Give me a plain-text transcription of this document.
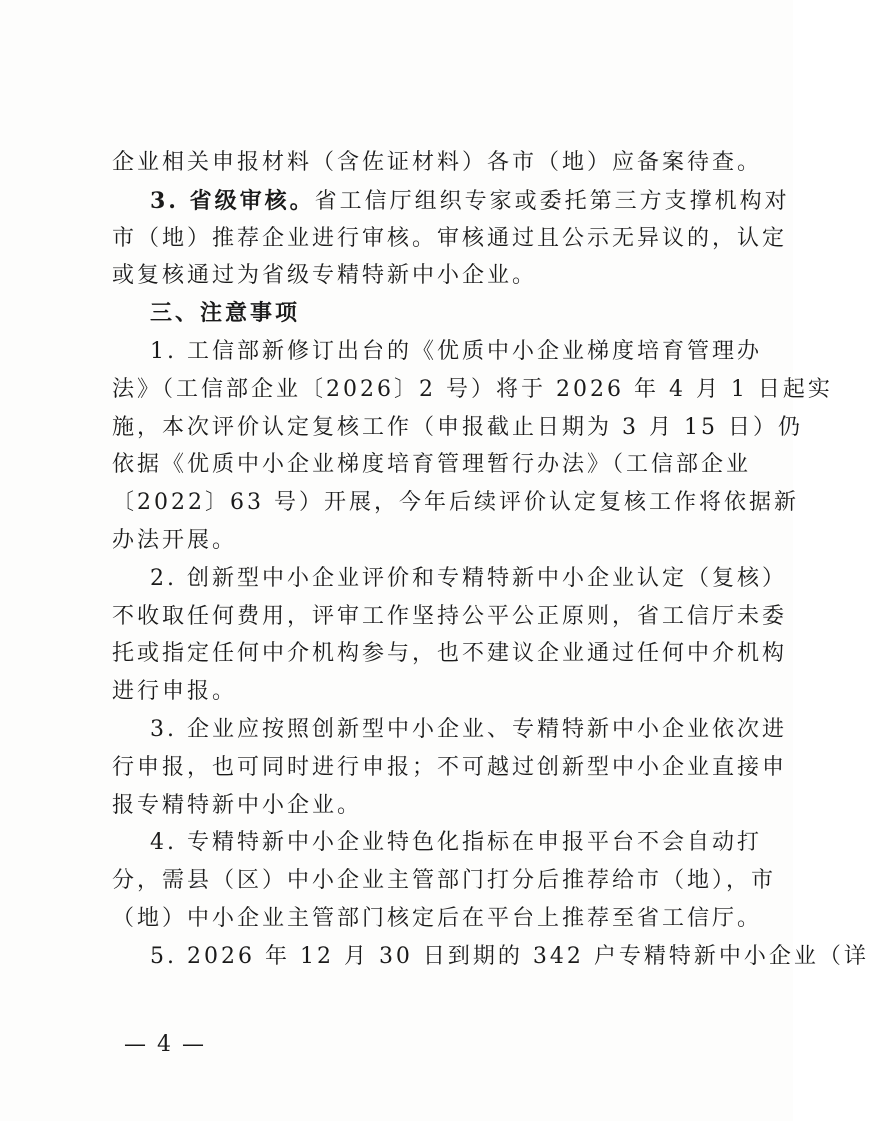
企业相关申报材料（含佐证材料）各市（地）应备案待查。
3. 省级审核。省工信厅组织专家或委托第三方支撑机构对
市（地）推荐企业进行审核。审核通过且公示无异议的，认定
或复核通过为省级专精特新中小企业。
三、注意事项
1. 工信部新修订出台的《优质中小企业梯度培育管理办
法》（工信部企业〔2026〕2 号）将于 2026 年 4 月 1 日起实
施，本次评价认定复核工作（申报截止日期为 3 月 15 日）仍
依据《优质中小企业梯度培育管理暂行办法》（工信部企业
〔2022〕63 号）开展，今年后续评价认定复核工作将依据新
办法开展。
2. 创新型中小企业评价和专精特新中小企业认定（复核）
不收取任何费用，评审工作坚持公平公正原则，省工信厅未委
托或指定任何中介机构参与，也不建议企业通过任何中介机构
进行申报。
3. 企业应按照创新型中小企业、专精特新中小企业依次进
行申报，也可同时进行申报；不可越过创新型中小企业直接申
报专精特新中小企业。
4. 专精特新中小企业特色化指标在申报平台不会自动打
分，需县（区）中小企业主管部门打分后推荐给市（地），市
（地）中小企业主管部门核定后在平台上推荐至省工信厅。
5. 2026 年 12 月 30 日到期的 342 户专精特新中小企业（详
— 4 —
